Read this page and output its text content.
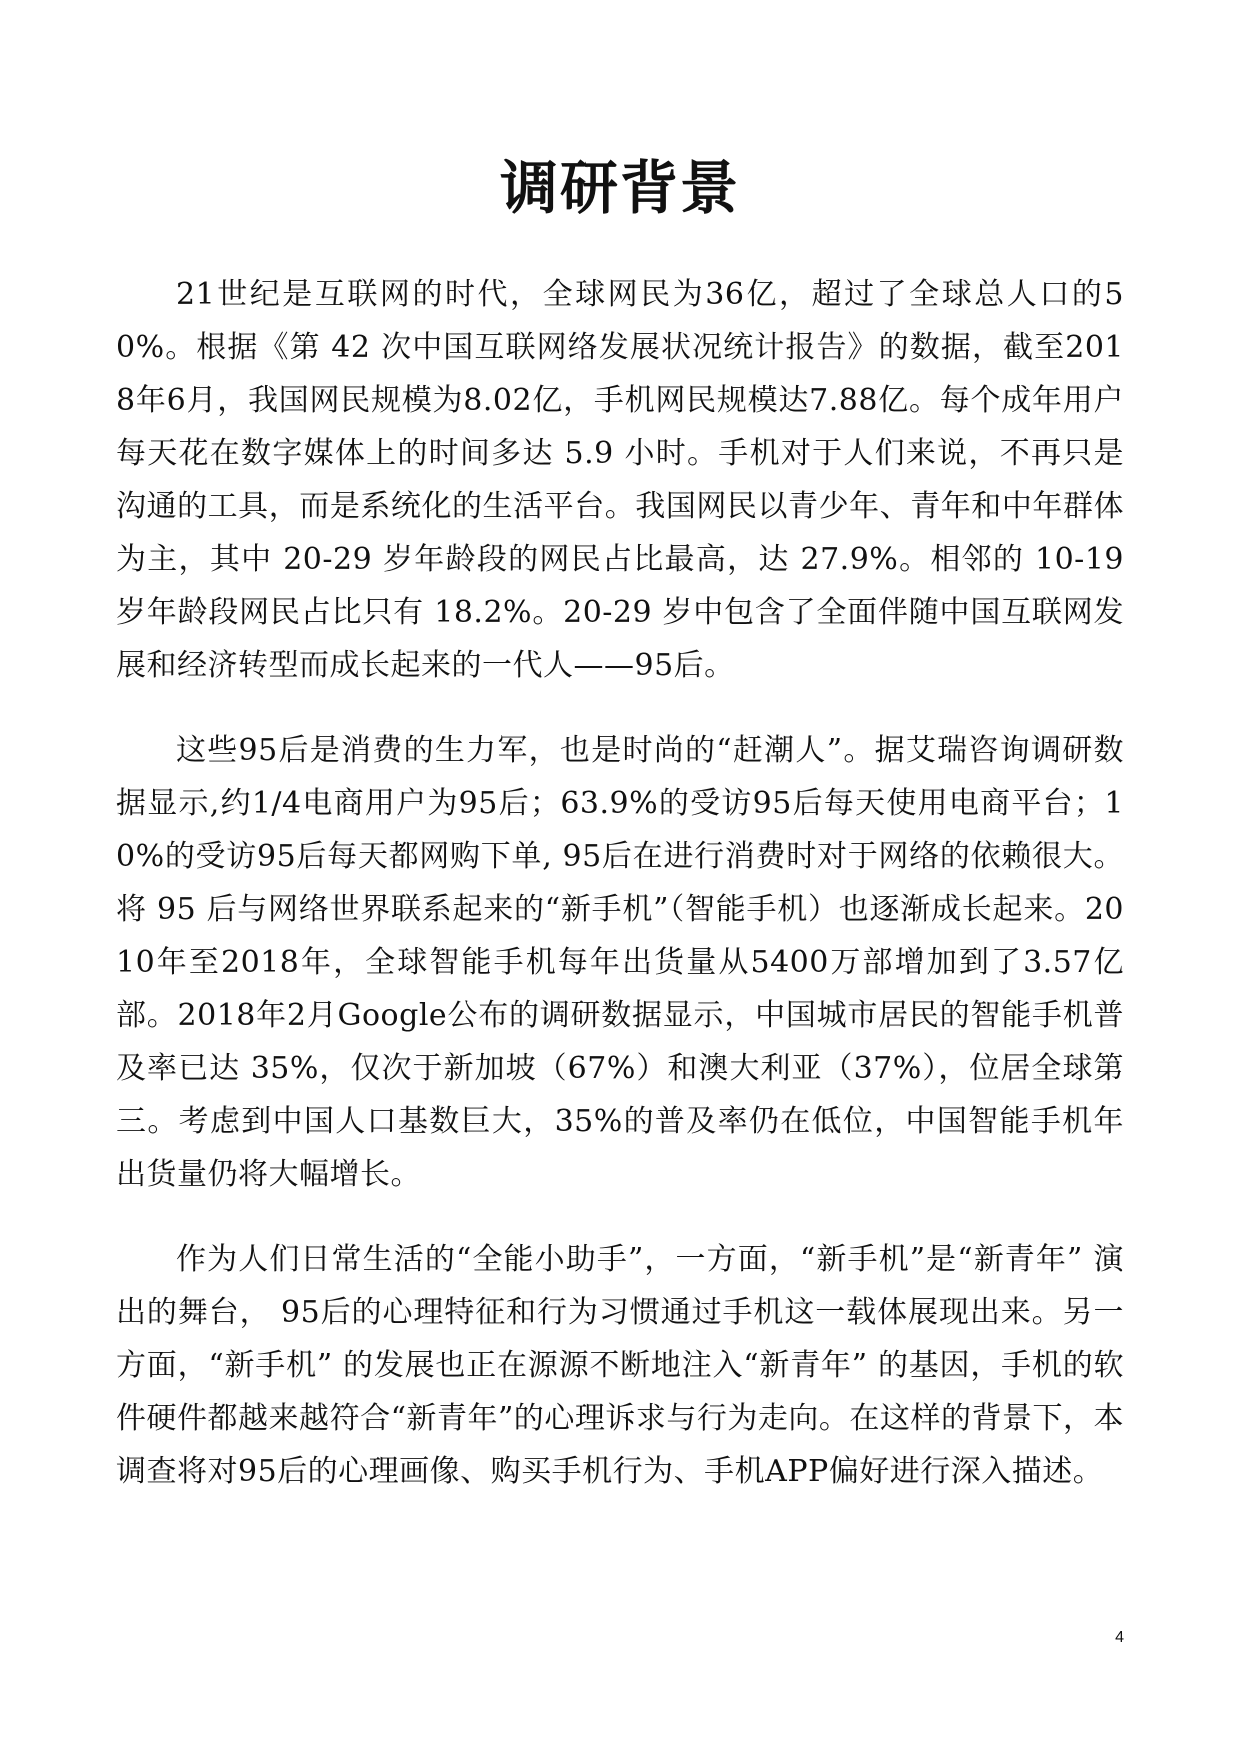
调研背景

21世纪是互联网的时代，全球网民为36亿，超过了全球总人口的50%。根据《第 42 次中国互联网络发展状况统计报告》的数据，截至2018年6月，我国网民规模为8.02亿，手机网民规模达7.88亿。每个成年用户每天花在数字媒体上的时间多达 5.9 小时。手机对于人们来说，不再只是沟通的工具，而是系统化的生活平台。我国网民以青少年、青年和中年群体为主，其中 20-29 岁年龄段的网民占比最高，达 27.9%。相邻的 10-19 岁年龄段网民占比只有 18.2%。20-29 岁中包含了全面伴随中国互联网发展和经济转型而成长起来的一代人——95后。

这些95后是消费的生力军，也是时尚的“赶潮人”。据艾瑞咨询调研数据显示,约1/4电商用户为95后；63.9%的受访95后每天使用电商平台；10%的受访95后每天都网购下单, 95后在进行消费时对于网络的依赖很大。将 95 后与网络世界联系起来的“新手机”（智能手机）也逐渐成长起来。2010年至2018年，全球智能手机每年出货量从5400万部增加到了3.57亿部。2018年2月Google公布的调研数据显示，中国城市居民的智能手机普及率已达 35%，仅次于新加坡（67%）和澳大利亚（37%），位居全球第三。考虑到中国人口基数巨大，35%的普及率仍在低位，中国智能手机年出货量仍将大幅增长。

作为人们日常生活的“全能小助手”，一方面，“新手机”是“新青年” 演出的舞台， 95后的心理特征和行为习惯通过手机这一载体展现出来。另一方面，“新手机” 的发展也正在源源不断地注入“新青年” 的基因，手机的软件硬件都越来越符合“新青年”的心理诉求与行为走向。在这样的背景下，本调查将对95后的心理画像、购买手机行为、手机APP偏好进行深入描述。

4
